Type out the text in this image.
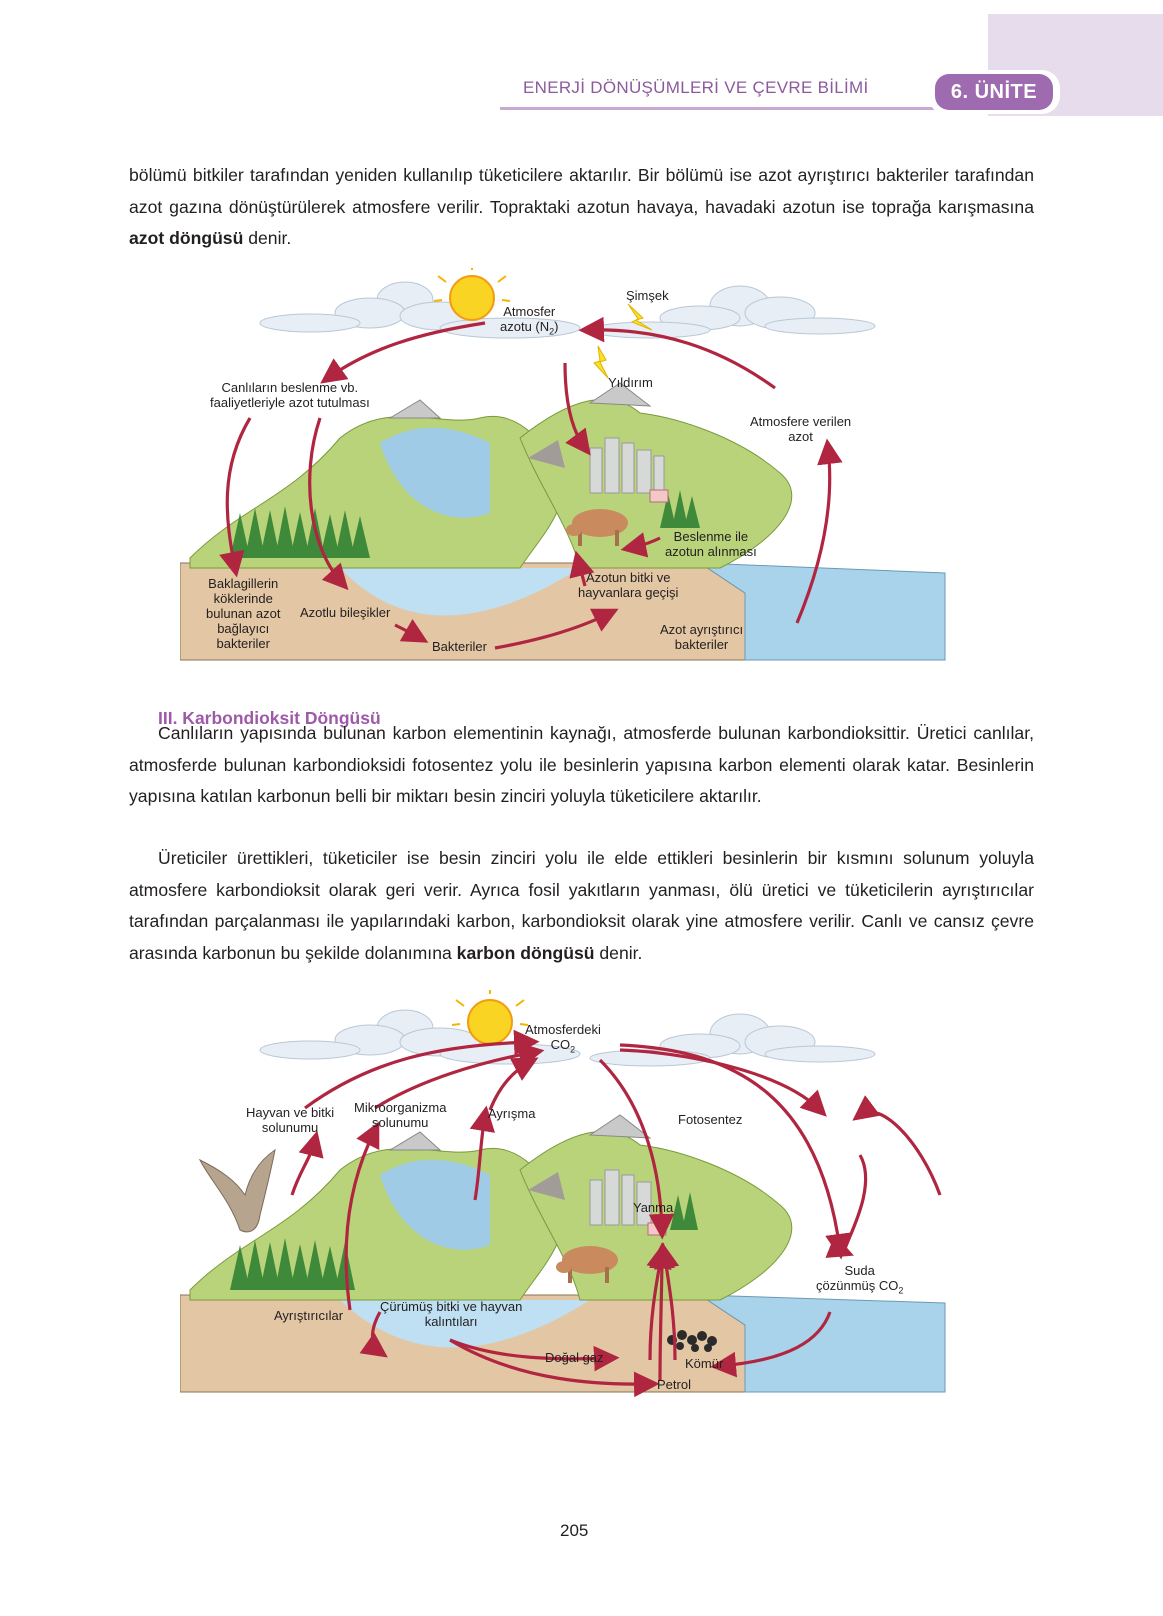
ENERJİ DÖNÜŞÜMLERİ VE ÇEVRE BİLİMİ	6. ÜNİTE

bölümü bitkiler tarafından yeniden kullanılıp tüketicilere aktarılır. Bir bölümü ise azot ayrıştırıcı bakteriler tarafından azot gazına dönüştürülerek atmosfere verilir. Topraktaki azotun havaya, havadaki azotun ise toprağa karışmasına azot döngüsü denir.

Atmosfer
azotu $(N_2)$
Şimşek
Yıldırım
Canlıların beslenme vb.
faaliyetleriyle azot tutulması
Atmosfere verilen
azot
Beslenme ile
azotun alınması
Azotun bitki ve
hayvanlara geçişi
Baklagillerin
köklerinde
bulunan azot
bağlayıcı
bakteriler
Azotlu bileşikler
Bakteriler
Azot ayrıştırıcı
bakteriler
III. Karbondioksit Döngüsü

Canlıların yapısında bulunan karbon elementinin kaynağı, atmosferde bulunan karbondioksittir. Üretici canlılar, atmosferde bulunan karbondioksidi fotosentez yolu ile besinlerin yapısına karbon elementi olarak katar. Besinlerin yapısına katılan karbonun belli bir miktarı besin zinciri yoluyla tüketicilere aktarılır.

Üreticiler ürettikleri, tüketiciler ise besin zinciri yolu ile elde ettikleri besinlerin bir kısmını solunum yoluyla atmosfere karbondioksit olarak geri verir. Ayrıca fosil yakıtların yanması, ölü üretici ve tüketicilerin ayrıştırıcılar tarafından parçalanması ile yapılarındaki karbon, karbondioksit olarak yine atmosfere verilir. Canlı ve cansız çevre arasında karbonun bu şekilde dolanımına karbon döngüsü denir.

Atmosferdeki
$CO_2$
Hayvan ve bitki
solunumu
Mikroorganizma
solunumu
Ayrışma	Fotosentez
Yanma
Suda
çözünmüş $CO_2$
Ayrıştırıcılar
Çürümüş bitki ve hayvan
kalıntıları
Doğal gaz	Kömür
Petrol
205
